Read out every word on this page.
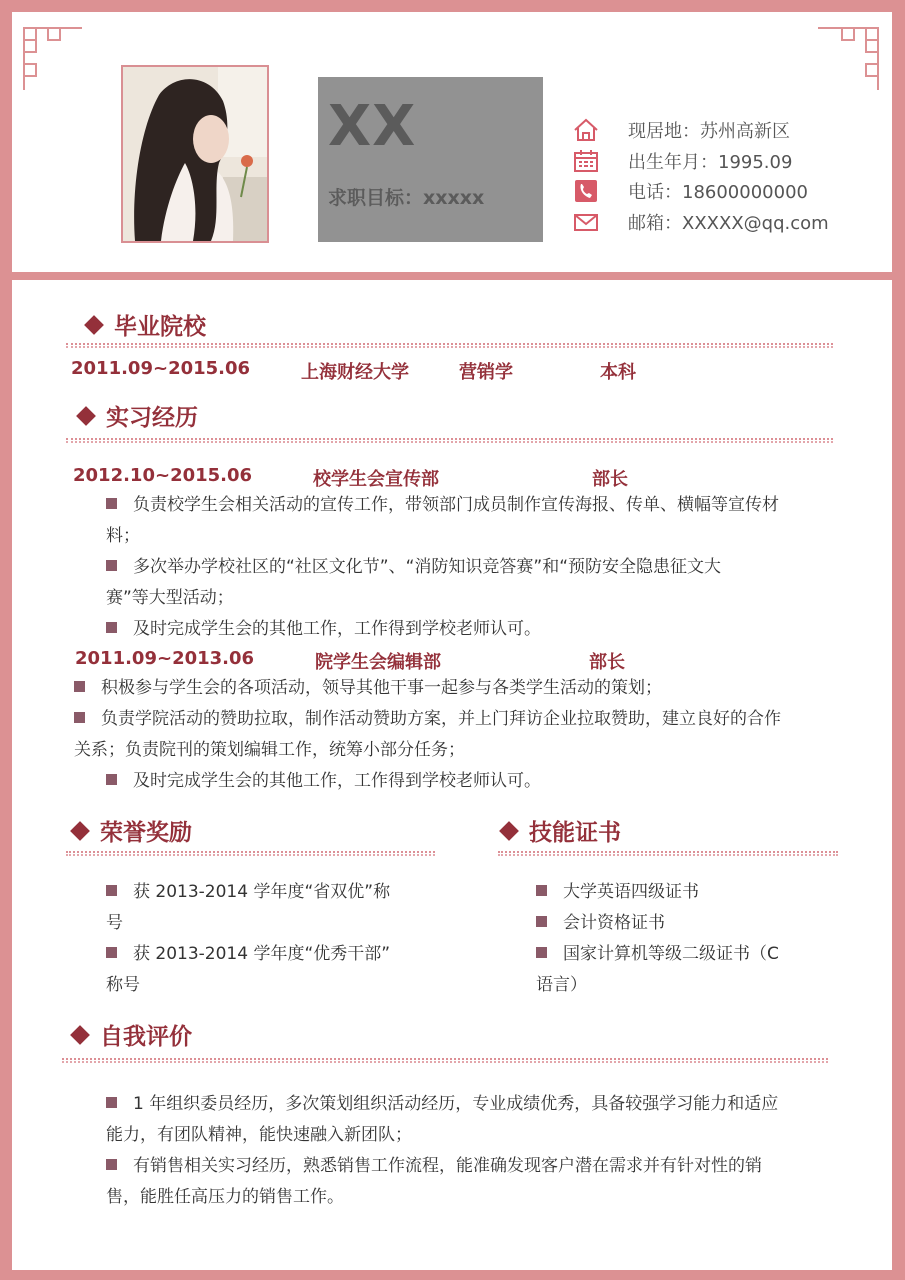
XX
求职目标：xxxxx
现居地：苏州高新区
出生年月：1995.09
电话：18600000000
邮箱：XXXXX@qq.com
毕业院校
2011.09~2015.06	上海财经大学	营销学	本科
实习经历
2012.10~2015.06	校学生会宣传部	部长
负责校学生会相关活动的宣传工作，带领部门成员制作宣传海报、传单、横幅等宣传材
料；
多次举办学校社区的“社区文化节”、“消防知识竞答赛”和“预防安全隐患征文大
赛”等大型活动；
及时完成学生会的其他工作，工作得到学校老师认可。
2011.09~2013.06	院学生会编辑部	部长
积极参与学生会的各项活动，领导其他干事一起参与各类学生活动的策划；
负责学院活动的赞助拉取，制作活动赞助方案，并上门拜访企业拉取赞助，建立良好的合作
关系；负责院刊的策划编辑工作，统筹小部分任务；
及时完成学生会的其他工作，工作得到学校老师认可。
荣誉奖励
获 2013-2014 学年度“省双优”称
号
获 2013-2014 学年度“优秀干部”
称号
技能证书
大学英语四级证书
会计资格证书
国家计算机等级二级证书（C
语言）
自我评价
1 年组织委员经历，多次策划组织活动经历，专业成绩优秀，具备较强学习能力和适应
能力，有团队精神，能快速融入新团队；
有销售相关实习经历，熟悉销售工作流程，能准确发现客户潜在需求并有针对性的销
售，能胜任高压力的销售工作。
